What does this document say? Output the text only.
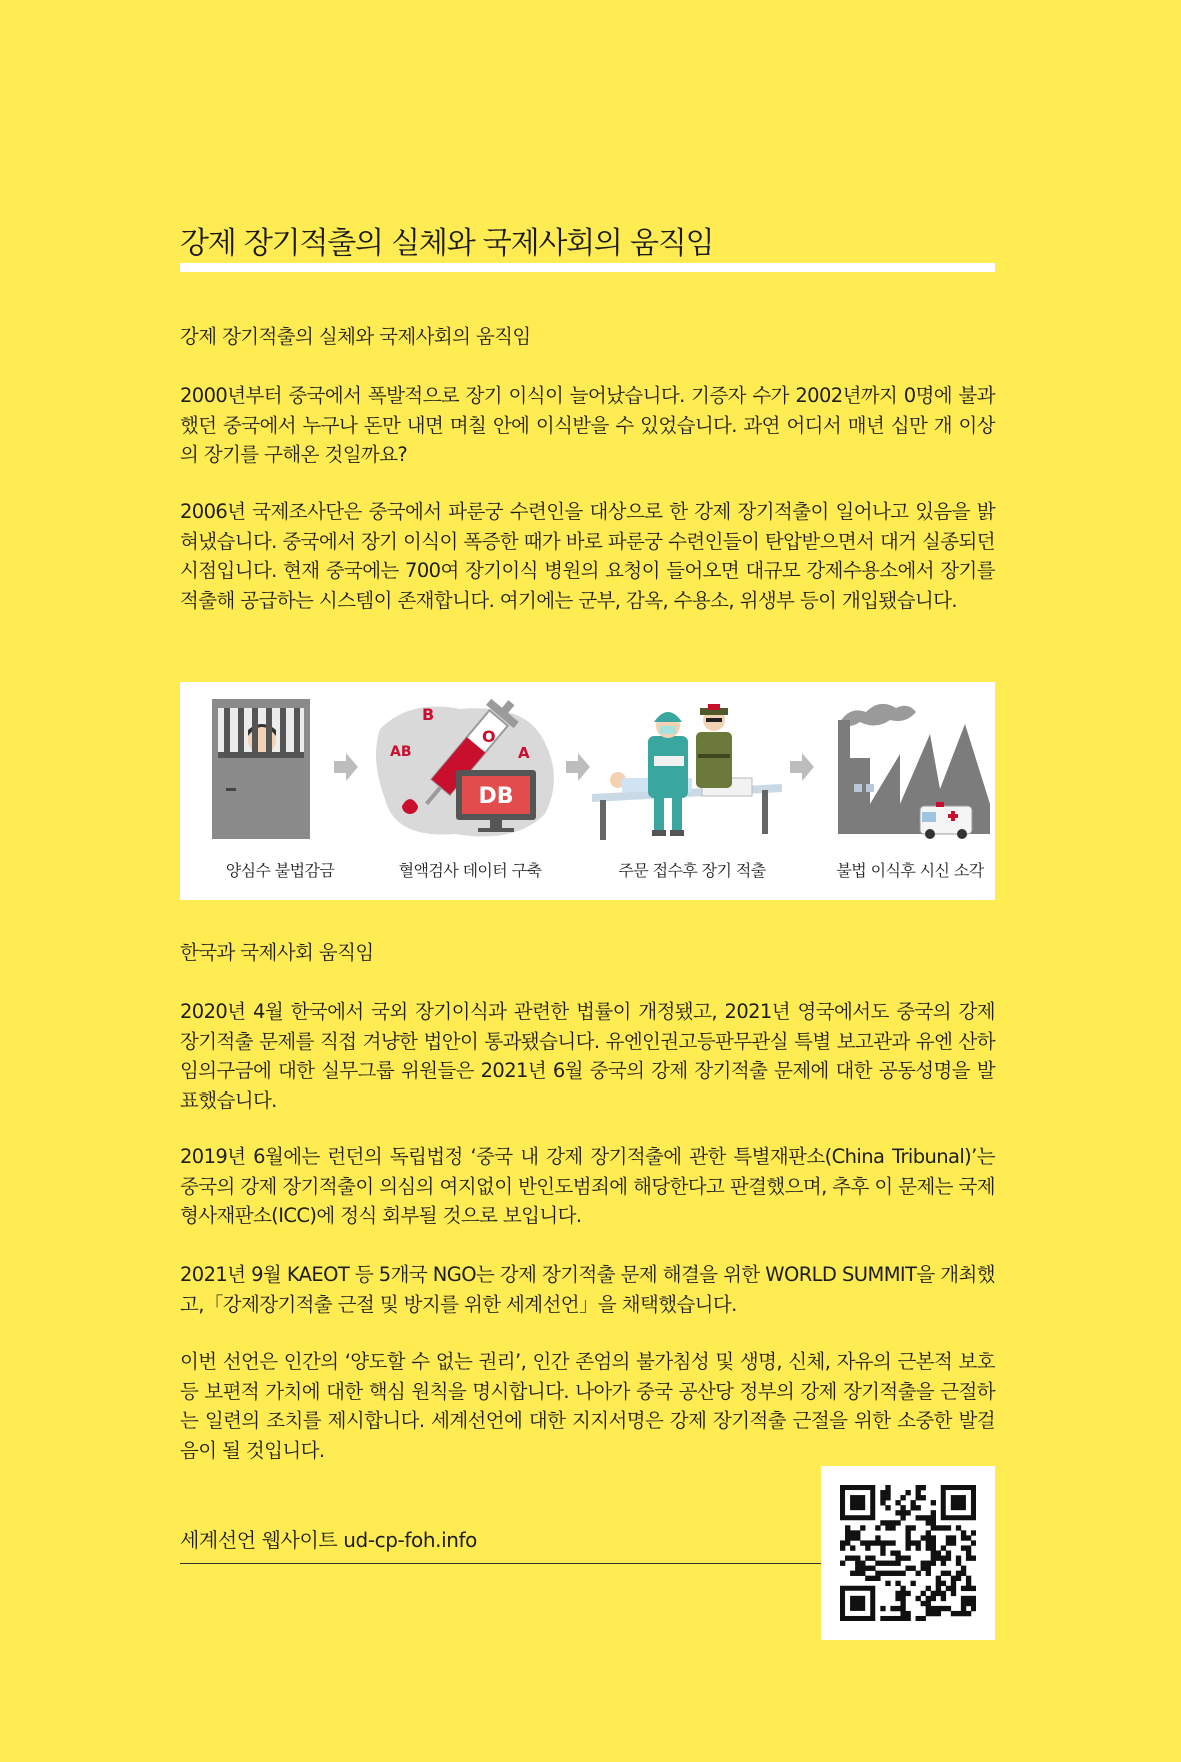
강제 장기적출의 실체와 국제사회의 움직임

강제 장기적출의 실체와 국제사회의 움직임

2000년부터 중국에서 폭발적으로 장기 이식이 늘어났습니다. 기증자 수가 2002년까지 0명에 불과했던 중국에서 누구나 돈만 내면 며칠 안에 이식받을 수 있었습니다. 과연 어디서 매년 십만 개 이상의 장기를 구해온 것일까요?

2006년 국제조사단은 중국에서 파룬궁 수련인을 대상으로 한 강제 장기적출이 일어나고 있음을 밝혀냈습니다. 중국에서 장기 이식이 폭증한 때가 바로 파룬궁 수련인들이 탄압받으면서 대거 실종되던 시점입니다. 현재 중국에는 700여 장기이식 병원의 요청이 들어오면 대규모 강제수용소에서 장기를 적출해 공급하는 시스템이 존재합니다. 여기에는 군부, 감옥, 수용소, 위생부 등이 개입됐습니다.

양심수 불법감금
B
AB
O
A
DB
혈액검사 데이터 구축	주문 접수후 장기 적출	불법 이식후 시신 소각

한국과 국제사회 움직임

2020년 4월 한국에서 국외 장기이식과 관련한 법률이 개정됐고, 2021년 영국에서도 중국의 강제 장기적출 문제를 직접 겨냥한 법안이 통과됐습니다. 유엔인권고등판무관실 특별 보고관과 유엔 산하 임의구금에 대한 실무그룹 위원들은 2021년 6월 중국의 강제 장기적출 문제에 대한 공동성명을 발표했습니다.

2019년 6월에는 런던의 독립법정 ‘중국 내 강제 장기적출에 관한 특별재판소(China Tribunal)’는 중국의 강제 장기적출이 의심의 여지없이 반인도범죄에 해당한다고 판결했으며, 추후 이 문제는 국제형사재판소(ICC)에 정식 회부될 것으로 보입니다.

2021년 9월 KAEOT 등 5개국 NGO는 강제 장기적출 문제 해결을 위한 WORLD SUMMIT을 개최했고,「강제장기적출 근절 및 방지를 위한 세계선언」을 채택했습니다.

이번 선언은 인간의 ‘양도할 수 없는 권리’, 인간 존엄의 불가침성 및 생명, 신체, 자유의 근본적 보호 등 보편적 가치에 대한 핵심 원칙을 명시합니다. 나아가 중국 공산당 정부의 강제 장기적출을 근절하는 일련의 조치를 제시합니다. 세계선언에 대한 지지서명은 강제 장기적출 근절을 위한 소중한 발걸음이 될 것입니다.

세계선언 웹사이트 ud-cp-foh.info
